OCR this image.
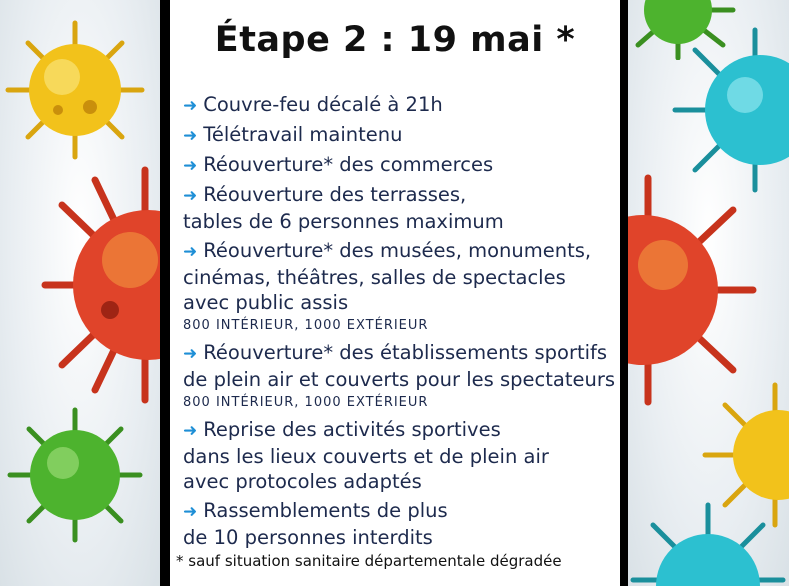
Étape 2 : 19 mai *
➜ Couvre-feu décalé à 21h
➜ Télétravail maintenu
➜ Réouverture* des commerces
➜ Réouverture des terrasses,
tables de 6 personnes maximum
➜ Réouverture* des musées, monuments,
cinémas, théâtres, salles de spectacles
avec public assis
800 INTÉRIEUR, 1000 EXTÉRIEUR
➜ Réouverture* des établissements sportifs
de plein air et couverts pour les spectateurs
800 INTÉRIEUR, 1000 EXTÉRIEUR
➜ Reprise des activités sportives
dans les lieux couverts et de plein air
avec protocoles adaptés
➜ Rassemblements de plus
de 10 personnes interdits
* sauf situation sanitaire départementale dégradée
